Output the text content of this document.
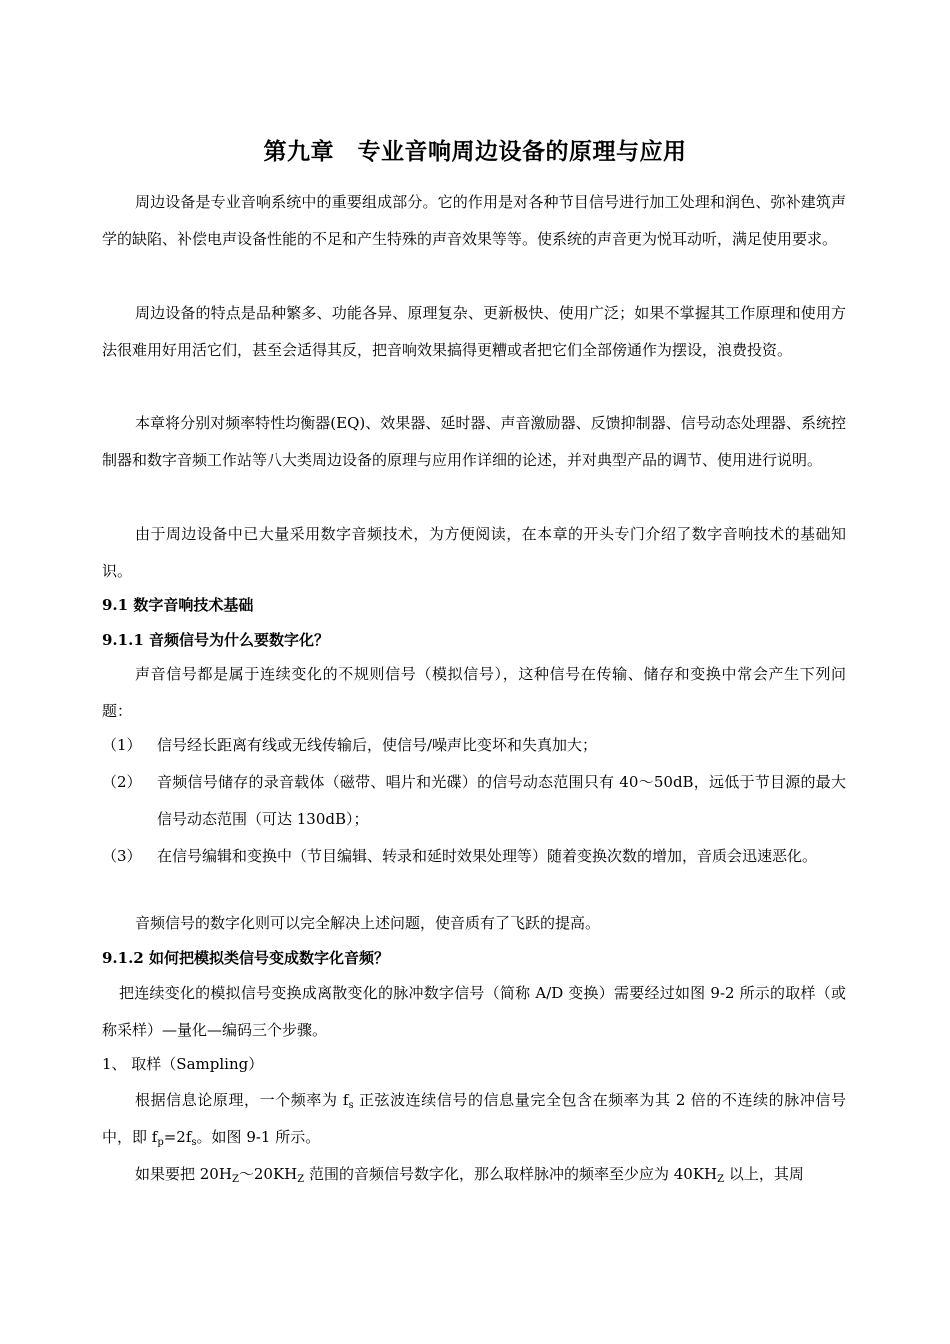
第九章　专业音响周边设备的原理与应用
周边设备是专业音响系统中的重要组成部分。它的作用是对各种节目信号进行加工处理和润色、弥补建筑声学的缺陷、补偿电声设备性能的不足和产生特殊的声音效果等等。使系统的声音更为悦耳动听，满足使用要求。
周边设备的特点是品种繁多、功能各异、原理复杂、更新极快、使用广泛；如果不掌握其工作原理和使用方法很难用好用活它们，甚至会适得其反，把音响效果搞得更糟或者把它们全部傍通作为摆设，浪费投资。
本章将分别对频率特性均衡器(EQ)、效果器、延时器、声音激励器、反馈抑制器、信号动态处理器、系统控制器和数字音频工作站等八大类周边设备的原理与应用作详细的论述，并对典型产品的调节、使用进行说明。
由于周边设备中已大量采用数字音频技术，为方便阅读，在本章的开头专门介绍了数字音响技术的基础知识。
9.1 数字音响技术基础
9.1.1 音频信号为什么要数字化？
声音信号都是属于连续变化的不规则信号（模拟信号），这种信号在传输、储存和变换中常会产生下列问题：
（1） 信号经长距离有线或无线传输后，使信号/噪声比变坏和失真加大；
（2） 音频信号储存的录音载体（磁带、唱片和光碟）的信号动态范围只有 40～50dB，远低于节目源的最大信号动态范围（可达 130dB）；
（3） 在信号编辑和变换中（节目编辑、转录和延时效果处理等）随着变换次数的增加，音质会迅速恶化。
音频信号的数字化则可以完全解决上述问题，使音质有了飞跃的提高。
9.1.2 如何把模拟类信号变成数字化音频？
把连续变化的模拟信号变换成离散变化的脉冲数字信号（简称 A/D 变换）需要经过如图 9-2 所示的取样（或称采样）—量化—编码三个步骤。
1、 取样（Sampling）
根据信息论原理，一个频率为 $f_s$ 正弦波连续信号的信息量完全包含在频率为其 2 倍的不连续的脉冲信号中，即 $f_p=2f_s$。如图 9-1 所示。
如果要把 $20H_Z\sim 20KH_Z$ 范围的音频信号数字化，那么取样脉冲的频率至少应为 $40KH_Z$ 以上，其周
